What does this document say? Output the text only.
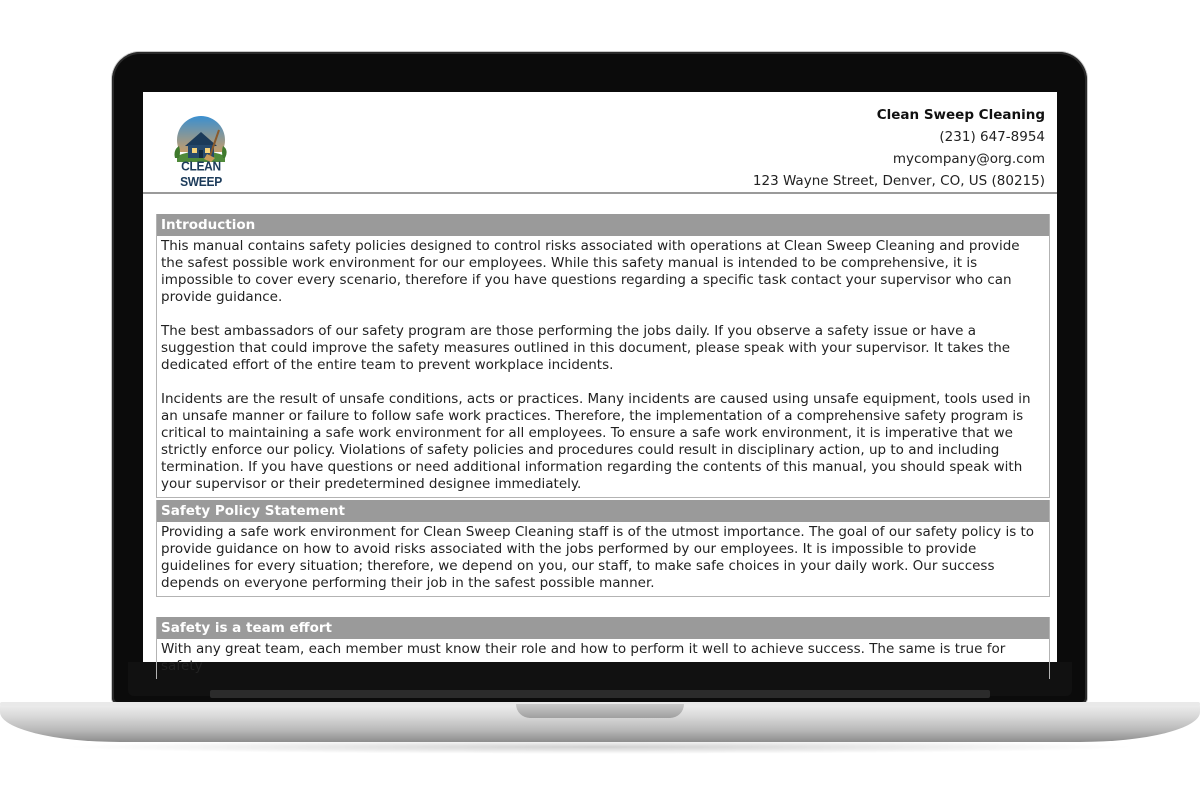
CLEAN SWEEP
Clean Sweep Cleaning
(231) 647-8954
mycompany@org.com
123 Wayne Street, Denver, CO, US (80215)
Introduction

This manual contains safety policies designed to control risks associated with operations at Clean Sweep Cleaning and provide the safest possible work environment for our employees. While this safety manual is intended to be comprehensive, it is impossible to cover every scenario, therefore if you have questions regarding a specific task contact your supervisor who can provide guidance.

The best ambassadors of our safety program are those performing the jobs daily. If you observe a safety issue or have a suggestion that could improve the safety measures outlined in this document, please speak with your supervisor. It takes the dedicated effort of the entire team to prevent workplace incidents.

Incidents are the result of unsafe conditions, acts or practices. Many incidents are caused using unsafe equipment, tools used in an unsafe manner or failure to follow safe work practices. Therefore, the implementation of a comprehensive safety program is critical to maintaining a safe work environment for all employees. To ensure a safe work environment, it is imperative that we strictly enforce our policy. Violations of safety policies and procedures could result in disciplinary action, up to and including termination. If you have questions or need additional information regarding the contents of this manual, you should speak with your supervisor or their predetermined designee immediately.

Safety Policy Statement

Providing a safe work environment for Clean Sweep Cleaning staff is of the utmost importance. The goal of our safety policy is to provide guidance on how to avoid risks associated with the jobs performed by our employees. It is impossible to provide guidelines for every situation; therefore, we depend on you, our staff, to make safe choices in your daily work. Our success depends on everyone performing their job in the safest possible manner.

Safety is a team effort

With any great team, each member must know their role and how to perform it well to achieve success. The same is true for safety
